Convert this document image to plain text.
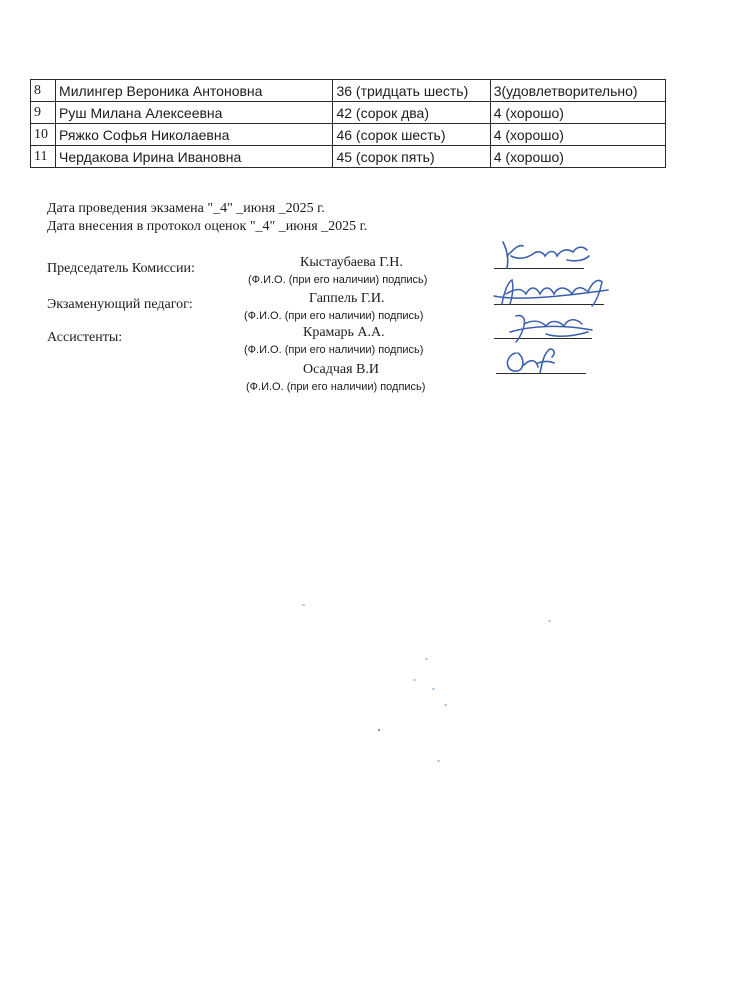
8	Милингер Вероника Антоновна	36 (тридцать шесть)	3(удовлетворительно)
9	Руш Милана Алексеевна	42 (сорок два)	4 (хорошо)
10	Ряжко Софья Николаевна	46 (сорок шесть)	4 (хорошо)
11	Чердакова Ирина Ивановна	45 (сорок пять)	4 (хорошо)
Дата проведения экзамена "_4" _июня _2025 г.
Дата внесения в протокол оценок "_4" _июня _2025 г.
Председатель Комиссии:	Кыстаубаева Г.Н.
(Ф.И.О. (при его наличии) подпись)
Экзаменующий педагог:	Гаппель Г.И.
(Ф.И.О. (при его наличии) подпись)
Ассистенты:	Крамарь А.А.
(Ф.И.О. (при его наличии) подпись)
Осадчая В.И
(Ф.И.О. (при его наличии) подпись)
